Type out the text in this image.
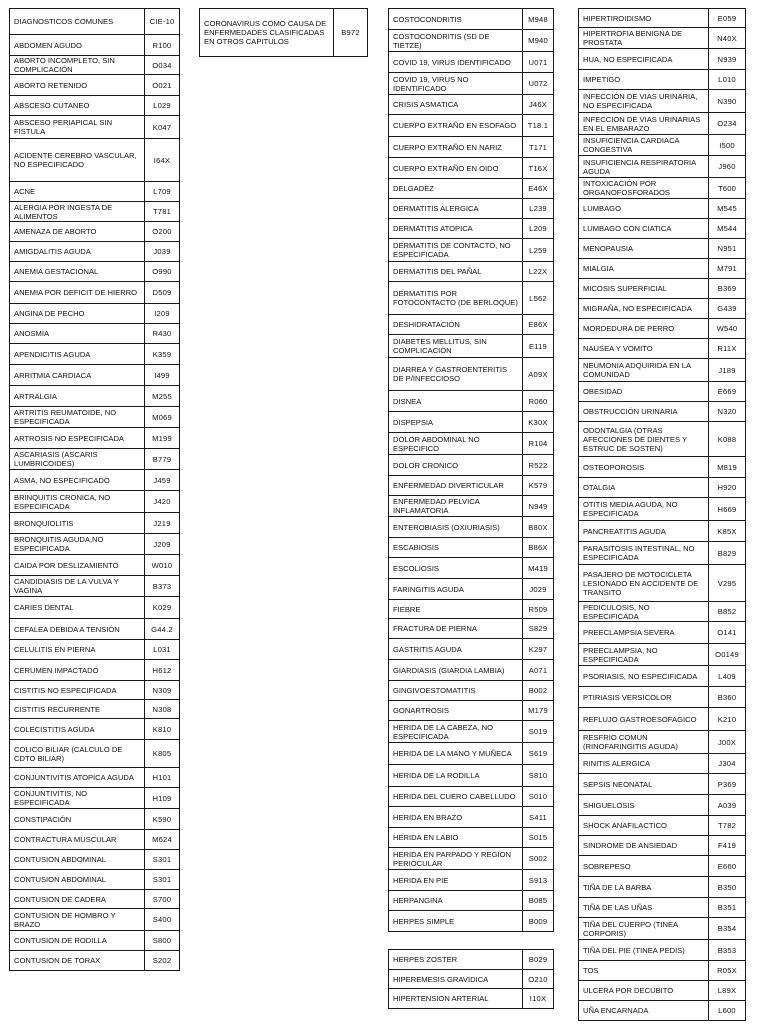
DIAGNOSTICOS COMUNES	CIE-10
ABDOMEN AGUDO	R100
ABORTO INCOMPLETO, SIN COMPLICACIÓN	O034
ABORTO RETENIDO	O021
ABSCESO CUTANEO	L029
ABSCESO PERIAPICAL SIN FISTULA	K047
ACIDENTE CEREBRO VASCULAR, NO ESPECIFICADO	I64X
ACNE	L709
ALERGIA POR INGESTA DE ALIMENTOS	T781
AMENAZA DE ABORTO	O200
AMIGDALITIS AGUDA	J039
ANEMIA GESTACIONAL	O990
ANEMIA POR DEFICIT DE HIERRO	D509
ANGINA DE PECHO	I209
ANOSMIA	R430
APENDICITIS AGUDA	K359
ARRITMIA CARDIACA	I499
ARTRALGIA	M255
ARTRITIS REUMATOIDE, NO ESPECIFICADA	M069
ARTROSIS NO ESPECIFICADA	M199
ASCARIASIS (ASCARIS LUMBRICOIDES)	B779
ASMA, NO ESPECIFICADO	J459
BRINQUITIS CRONICA, NO ESPECIFICADA	J420
BRONQUIOLITIS	J219
BRONQUITIS AGUDA,NO ESPECIFICADA	J209
CAIDA POR DESLIZAMIENTO	W010
CANDIDIASIS DE LA VULVA Y VAGINA	B373
CARIES DENTAL	K029
CEFALEA DEBIDA A TENSIÓN	G44.2
CELULITIS EN PIERNA	L031
CERUMEN IMPACTADO	H612
CISTITIS NO ESPECIFICADA	N309
CISTITIS RECURRENTE	N308
COLECISTITIS AGUDA	K810
COLICO BILIAR (CALCULO DE CDTO BILIAR)	K805
CONJUNTIVITIS ATOPICA AGUDA	H101
CONJUNTIVITIS, NO ESPECIFICADA	H109
CONSTIPACIÓN	K590
CONTRACTURA MUSCULAR	M624
CONTUSION ABDOMINAL	S301
CONTUSION ABDOMINAL	S301
CONTUSION DE CADERA	S700
CONTUSION DE HOMBRO Y BRAZO	S400
CONTUSION DE RODILLA	S800
CONTUSION DE TORAX	S202
CORONAVIRUS COMO CAUSA DE ENFERMEDADES CLASIFICADAS EN OTROS CAPITULOS	B972
COSTOCONDRITIS	M948
COSTOCONDRITIS (SD DE TIETZE)	M940
COVID 19, VIRUS IDENTIFICADO	U071
COVID 19, VIRUS NO IDENTIFICADO	U072
CRISIS ASMATICA	J46X
CUERPO EXTRAÑO EN ESOFAGO	T18.1
CUERPO EXTRAÑO EN NARIZ	T171
CUERPO EXTRAÑO EN OIDO	T16X
DELGADEZ	E46X
DERMATITIS ALERGICA	L239
DERMATITIS ATOPICA	L209
DERMATITIS DE CONTACTO, NO ESPECIFICADA	L259
DERMATITIS DEL PAÑAL	L22X
DERMATITIS POR FOTOCONTACTO (DE BERLOQUE)	L562
DESHIDRATACIÓN	E86X
DIABETES MELLITUS, SIN COMPLICACION	E119
DIARREA Y GASTROENTERITIS DE P/INFECCIOSO	A09X
DISNEA	R060
DISPEPSIA	K30X
DOLOR ABDOMINAL NO ESPECIFICO	R104
DOLOR CRONICO	R522
ENFERMEDAD DIVERTICULAR	K579
ENFERMEDAD PELVICA INFLAMATORIA	N949
ENTEROBIASIS (OXIURIASIS)	B80X
ESCABIOSIS	B86X
ESCOLIOSIS	M419
FARINGITIS AGUDA	J029
FIEBRE	R509
FRACTURA DE PIERNA	S829
GASTRITIS AGUDA	K297
GIARDIASIS (GIARDIA LAMBIA)	A071
GINGIVOESTOMATITIS	B002
GONARTROSIS	M179
HERIDA DE LA CABEZA, NO ESPECIFICADA	S019
HERIDA DE LA MANO Y MUÑECA	S619
HERIDA DE LA RODILLA	S810
HERIDA DEL CUERO CABELLUDO	S010
HERIDA EN BRAZO	S411
HERIDA EN LABIO	S015
HERIDA EN PARPADO Y REGION PERIOCULAR	S002
HERIDA EN PIE	S913
HERPANGINA	B085
HERPES SIMPLE	B009
HERPES ZOSTER	B029
HIPEREMESIS GRAVIDICA	O210
HIPERTENSION ARTERIAL	I10X
HIPERTIROIDISMO	E059
HIPERTROFIA BENIGNA DE PROSTATA	N40X
HUA, NO ESPECIFICADA	N939
IMPETIGO	L010
INFECCIÓN DE VIAS URINARIA, NO ESPECIFICADA	N390
INFECCION DE VIAS URINARIAS EN EL EMBARAZO	O234
INSUFICIENCIA CARDIACA CONGESTIVA	I500
INSUFICIENCIA RESPIRATORIA AGUDA	J960
INTOXICACIÓN POR ORGANOFOSFORADOS	T600
LUMBAGO	M545
LUMBAGO CON CIATICA	M544
MENOPAUSIA	N951
MIALGIA	M791
MICOSIS SUPERFICIAL	B369
MIGRAÑA, NO ESPECIFICADA	G439
MORDEDURA DE PERRO	W540
NAUSEA Y VOMITO	R11X
NEUMONIA ADQUIRIDA EN LA COMUNIDAD	J189
OBESIDAD	E669
OBSTRUCCIÓN URINARIA	N320
ODONTALGIA (OTRAS AFECCIONES DE DIENTES Y ESTRUC DE SOSTEN)	K088
OSTEOPOROSIS	M819
OTALGIA	H920
OTITIS MEDIA AGUDA, NO ESPECIFICADA	H669
PANCREATITIS AGUDA	K85X
PARASITOSIS INTESTINAL, NO ESPECIFICADA	B829
PASAJERO DE MOTOCICLETA LESIONADO EN ACCIDENTE DE TRANSITO	V295
PEDICULOSIS, NO ESPECIFICADA	B852
PREECLAMPSIA SEVERA	O141
PREECLAMPSIA, NO ESPECIFICADA	O0149
PSORIASIS, NO ESPECIFICADA	L409
PTIRIASIS VERSICOLOR	B360
REFLUJO GASTROESOFAGICO	K210
RESFRIO COMUN (RINOFARINGITIS AGUDA)	J00X
RINITIS ALERGICA	J304
SEPSIS NEONATAL	P369
SHIGUELOSIS	A039
SHOCK ANAFILACTICO	T782
SINDROME DE ANSIEDAD	F419
SOBREPESO	E660
TIÑA DE LA BARBA	B350
TIÑA DE LAS UÑAS	B351
TIÑA DEL CUERPO (TINEA CORPORIS)	B354
TIÑA DEL PIE (TINEA PEDIS)	B353
TOS	R05X
ULCERA POR DECUBITO	L89X
UÑA ENCARNADA	L600
